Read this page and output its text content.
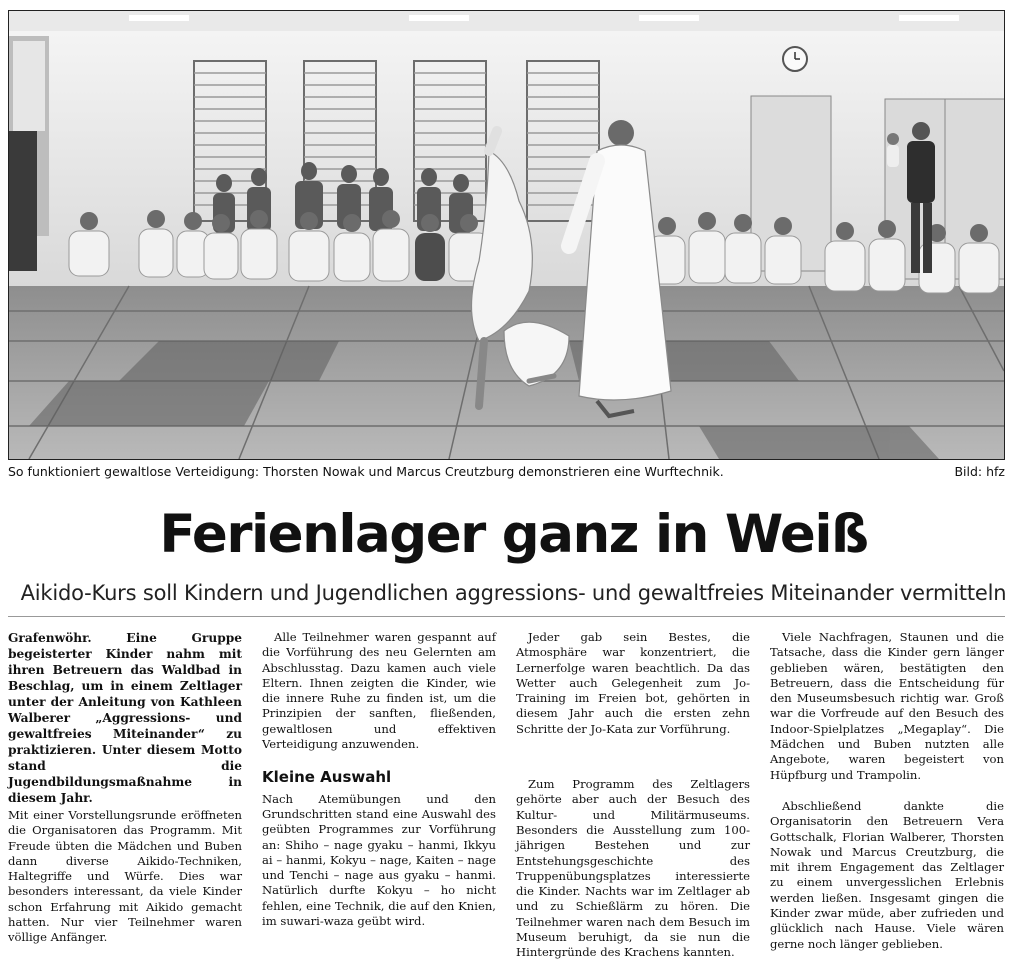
So funktioniert gewaltlose Verteidigung: Thorsten Nowak und Marcus Creutzburg demonstrieren eine Wurftechnik.	Bild: hfz
Ferienlager ganz in Weiß
Aikido-Kurs soll Kindern und Jugendlichen aggressions- und gewaltfreies Miteinander vermitteln

Grafenwöhr. Eine Gruppe begeisterter Kinder nahm mit ihren Betreuern das Waldbad in Beschlag, um in einem Zeltlager unter der Anleitung von Kathleen Walberer „Aggressions- und gewaltfreies Miteinander“ zu praktizieren. Unter diesem Motto stand die Jugendbildungsmaßnahme in diesem Jahr.

Mit einer Vorstellungsrunde eröffneten die Organisatoren das Programm. Mit Freude übten die Mädchen und Buben dann diverse Aikido-Techniken, Haltegriffe und Würfe. Dies war besonders interessant, da viele Kinder schon Erfahrung mit Aikido gemacht hatten. Nur vier Teilnehmer waren völlige Anfänger.

Alle Teilnehmer waren gespannt auf die Vorführung des neu Gelernten am Abschlusstag. Dazu kamen auch viele Eltern. Ihnen zeigten die Kinder, wie die innere Ruhe zu finden ist, um die Prinzipien der sanften, fließenden, gewaltlosen und effektiven Verteidigung anzuwenden.

Kleine Auswahl

Nach Atemübungen und den Grundschritten stand eine Auswahl des geübten Programmes zur Vorführung an: Shiho – nage gyaku – hanmi, Ikkyu ai – hanmi, Kokyu – nage, Kaiten – nage und Tenchi – nage aus gyaku – hanmi. Natürlich durfte Kokyu – ho nicht fehlen, eine Technik, die auf den Knien, im suwari-waza geübt wird.

Jeder gab sein Bestes, die Atmosphäre war konzentriert, die Lernerfolge waren beachtlich. Da das Wetter auch Gelegenheit zum Jo-Training im Freien bot, gehörten in diesem Jahr auch die ersten zehn Schritte der Jo-Kata zur Vorführung.

Zum Programm des Zeltlagers gehörte aber auch der Besuch des Kultur- und Militärmuseums. Besonders die Ausstellung zum 100-jährigen Bestehen und zur Entstehungsgeschichte des Truppenübungsplatzes interessierte die Kinder. Nachts war im Zeltlager ab und zu Schießlärm zu hören. Die Teilnehmer waren nach dem Besuch im Museum beruhigt, da sie nun die Hintergründe des Krachens kannten.

Viele Nachfragen, Staunen und die Tatsache, dass die Kinder gern länger geblieben wären, bestätigten den Betreuern, dass die Entscheidung für den Museumsbesuch richtig war. Groß war die Vorfreude auf den Besuch des Indoor-Spielplatzes „Megaplay“. Die Mädchen und Buben nutzten alle Angebote, waren begeistert von Hüpfburg und Trampolin.

Abschließend dankte die Organisatorin den Betreuern Vera Gottschalk, Florian Walberer, Thorsten Nowak und Marcus Creutzburg, die mit ihrem Engagement das Zeltlager zu einem unvergesslichen Erlebnis werden ließen. Insgesamt gingen die Kinder zwar müde, aber zufrieden und glücklich nach Hause. Viele wären gerne noch länger geblieben.
